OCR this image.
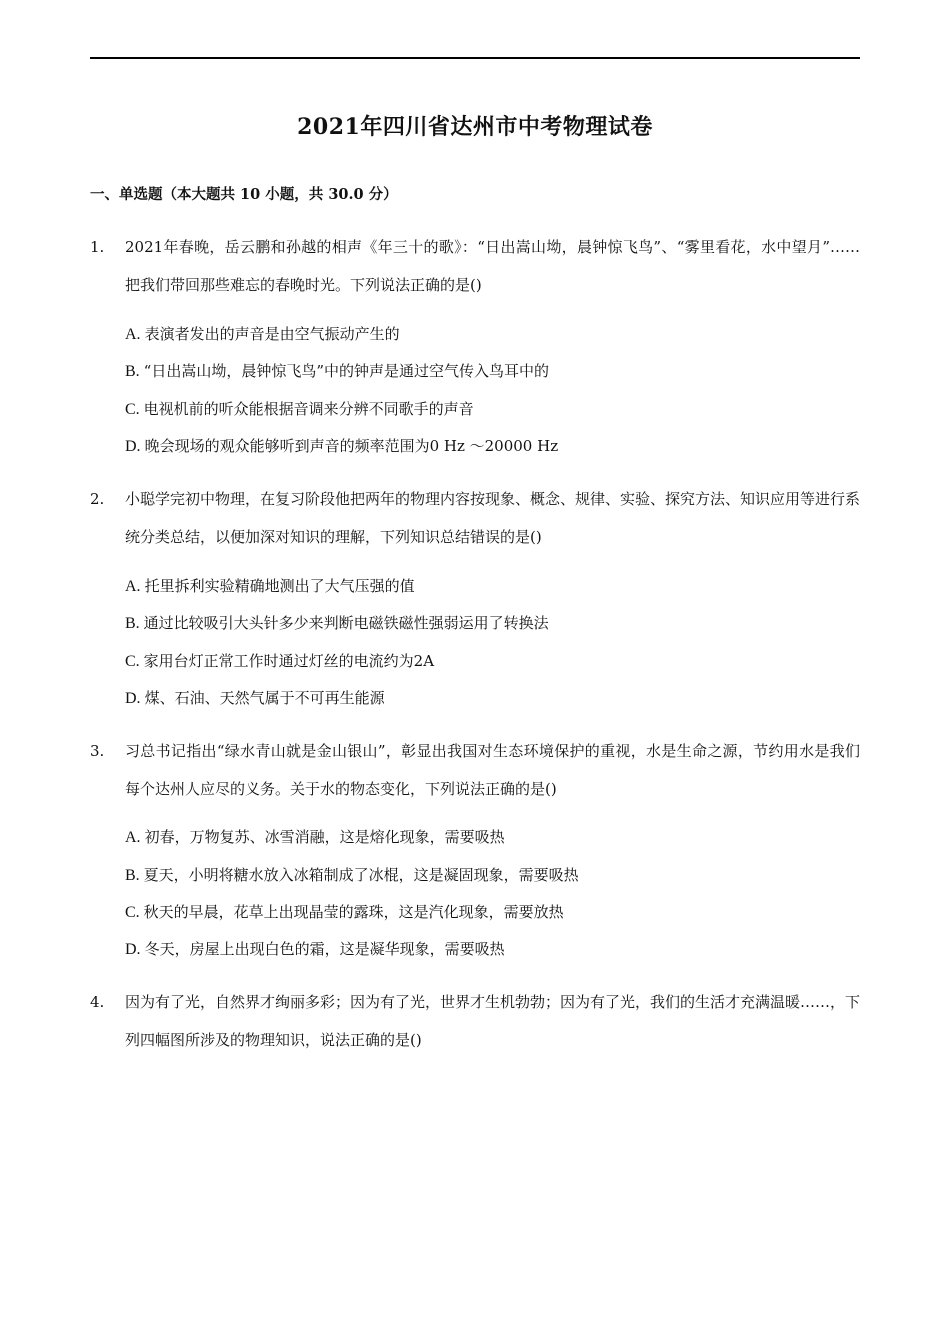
2021年四川省达州市中考物理试卷
一、单选题（本大题共 10 小题，共 30.0 分）
1. 2021年春晚，岳云鹏和孙越的相声《年三十的歌》：“日出嵩山坳，晨钟惊飞鸟”、“雾里看花，水中望月”……把我们带回那些难忘的春晚时光。下列说法正确的是()
A. 表演者发出的声音是由空气振动产生的
B. “日出嵩山坳，晨钟惊飞鸟”中的钟声是通过空气传入鸟耳中的
C. 电视机前的听众能根据音调来分辨不同歌手的声音
D. 晚会现场的观众能够听到声音的频率范围为0 Hz ～20000 Hz
2. 小聪学完初中物理，在复习阶段他把两年的物理内容按现象、概念、规律、实验、探究方法、知识应用等进行系统分类总结，以便加深对知识的理解，下列知识总结错误的是()
A. 托里拆利实验精确地测出了大气压强的值
B. 通过比较吸引大头针多少来判断电磁铁磁性强弱运用了转换法
C. 家用台灯正常工作时通过灯丝的电流约为2A
D. 煤、石油、天然气属于不可再生能源
3. 习总书记指出“绿水青山就是金山银山”，彰显出我国对生态环境保护的重视，水是生命之源，节约用水是我们每个达州人应尽的义务。关于水的物态变化，下列说法正确的是()
A. 初春，万物复苏、冰雪消融，这是熔化现象，需要吸热
B. 夏天，小明将糖水放入冰箱制成了冰棍，这是凝固现象，需要吸热
C. 秋天的早晨，花草上出现晶莹的露珠，这是汽化现象，需要放热
D. 冬天，房屋上出现白色的霜，这是凝华现象，需要吸热
4. 因为有了光，自然界才绚丽多彩；因为有了光，世界才生机勃勃；因为有了光，我们的生活才充满温暖……，下列四幅图所涉及的物理知识，说法正确的是()
